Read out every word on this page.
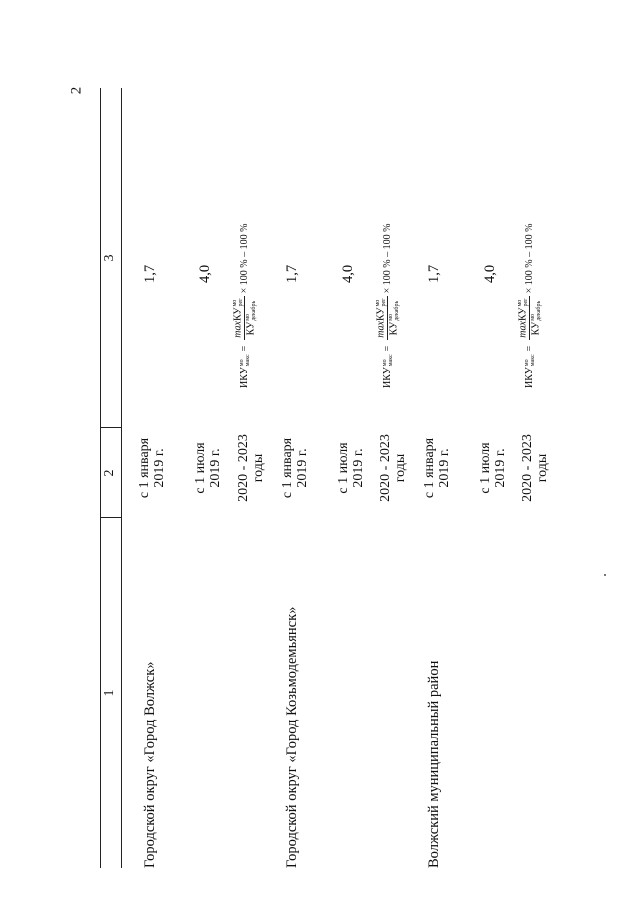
2
1
2
3
Городской округ «Город Волжск»
с 1 января 2019 г.
1,7
с 1 июля 2019 г.
4,0
2020 - 2023 годы
ИКУ
мо макс
=
maxКУ
мо рег
КУ
мо декабрь
× 100 % – 100 %
Городской округ «Город Козьмодемьянск»
с 1 января 2019 г.
1,7
с 1 июля 2019 г.
4,0
2020 - 2023 годы
ИКУ
мо макс
=
maxКУ
мо рег
КУ
мо декабрь
× 100 % – 100 %
Волжский муниципальный район
с 1 января 2019 г.
1,7
с 1 июля 2019 г.
4,0
2020 - 2023 годы
ИКУ
мо макс
=
maxКУ
мо рег
КУ
мо декабрь
× 100 % – 100 %
